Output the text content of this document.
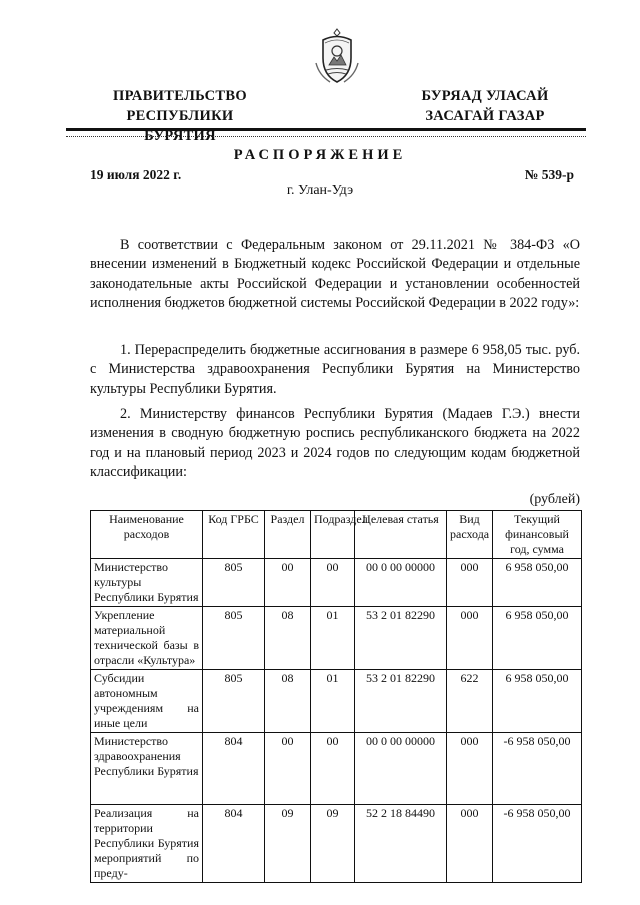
ПРАВИТЕЛЬСТВО
РЕСПУБЛИКИ БУРЯТИЯ
БУРЯАД УЛАСАЙ
ЗАСАГАЙ ГАЗАР
РАСПОРЯЖЕНИЕ
19 июля 2022 г.	№ 539-р
г. Улан-Удэ
В соответствии с Федеральным законом от 29.11.2021 № 384-ФЗ «О внесении изменений в Бюджетный кодекс Российской Федерации и отдельные законодательные акты Российской Федерации и установлении особенностей исполнения бюджетов бюджетной системы Российской Федерации в 2022 году»:
1. Перераспределить бюджетные ассигнования в размере 6 958,05 тыс. руб. с Министерства здравоохранения Республики Бурятия на Министерство культуры Республики Бурятия.
2. Министерству финансов Республики Бурятия (Мадаев Г.Э.) внести изменения в сводную бюджетную роспись республиканского бюджета на 2022 год и на плановый период 2023 и 2024 годов по следующим кодам бюджетной классификации:
(рублей)
Наименование расходов	Код ГРБС	Раздел	Подраздел	Целевая статья	Вид расхода	Текущий финансовый год, сумма
Министерство культуры Республики Бурятия	805	00	00	00 0 00 00000	000	6 958 050,00
Укрепление материальной технической базы в отрасли «Культура»	805	08	01	53 2 01 82290	000	6 958 050,00
Субсидии автономным учреждениям на иные цели	805	08	01	53 2 01 82290	622	6 958 050,00
Министерство здравоохранения Республики Бурятия	804	00	00	00 0 00 00000	000	-6 958 050,00
Реализация на территории Республики Бурятия мероприятий по преду-	804	09	09	52 2 18 84490	000	-6 958 050,00
